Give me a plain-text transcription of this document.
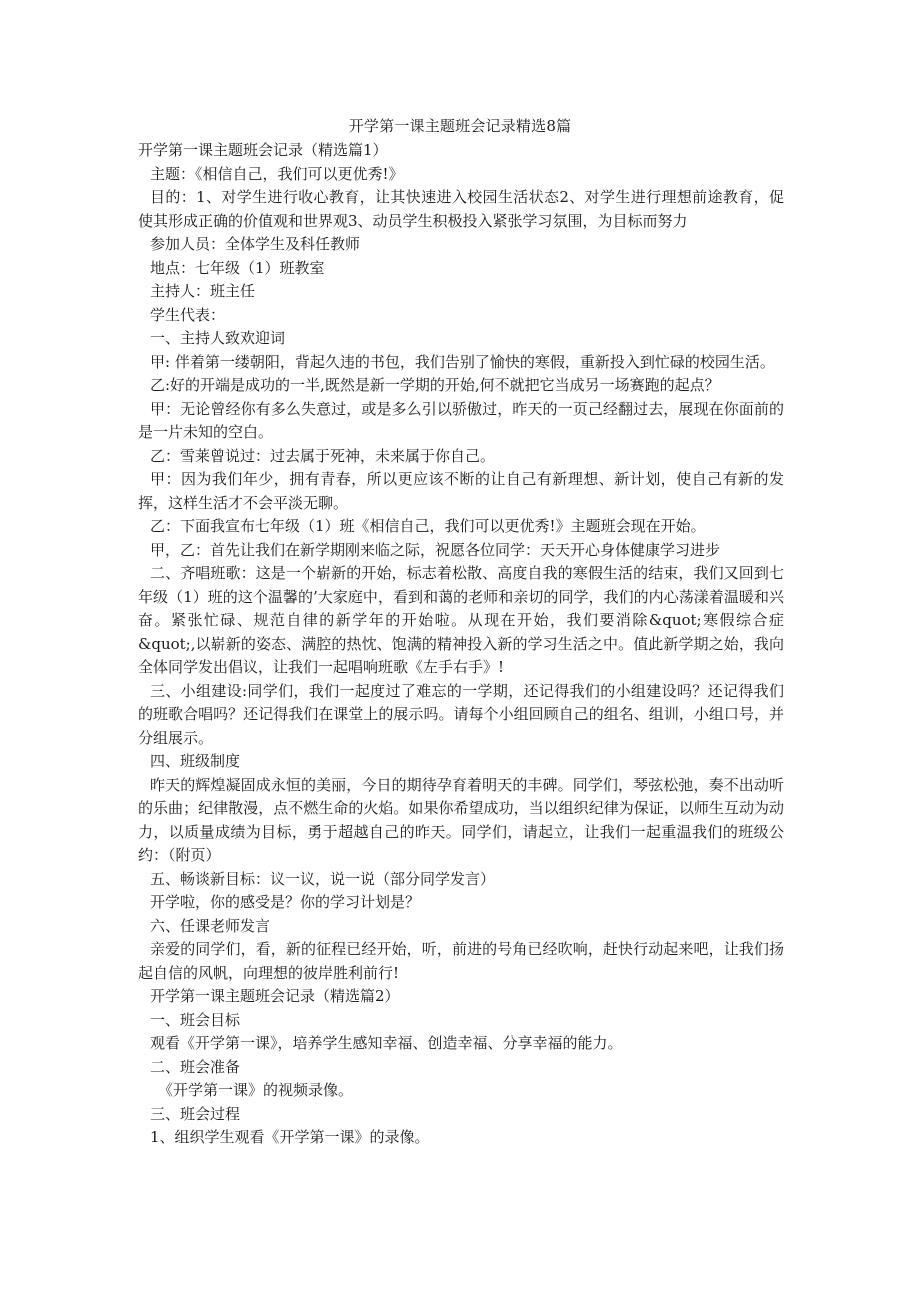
开学第一课主题班会记录精选8篇

开学第一课主题班会记录（精选篇1）

主题：《相信自己，我们可以更优秀!》

目的：1、对学生进行收心教育，让其快速进入校园生活状态2、对学生进行理想前途教育，促使其形成正确的价值观和世界观3、动员学生积极投入紧张学习氛围，为目标而努力

参加人员：全体学生及科任教师

地点：七年级（1）班教室

主持人：班主任

学生代表：

一、主持人致欢迎词

甲: 伴着第一缕朝阳，背起久违的书包，我们告别了愉快的寒假，重新投入到忙碌的校园生活。

乙:好的开端是成功的一半,既然是新一学期的开始,何不就把它当成另一场赛跑的起点？

甲：无论曾经你有多么失意过，或是多么引以骄傲过，昨天的一页己经翻过去，展现在你面前的是一片未知的空白。

乙：雪莱曾说过：过去属于死神，未来属于你自己。

甲：因为我们年少，拥有青春，所以更应该不断的让自己有新理想、新计划，使自己有新的发挥，这样生活才不会平淡无聊。

乙：下面我宣布七年级（1）班《相信自己，我们可以更优秀!》主题班会现在开始。

甲，乙：首先让我们在新学期刚来临之际，祝愿各位同学：天天开心身体健康学习进步

二、齐唱班歌：这是一个崭新的开始，标志着松散、高度自我的寒假生活的结束，我们又回到七年级（1）班的这个温馨的’大家庭中，看到和蔼的老师和亲切的同学，我们的内心荡漾着温暖和兴奋。紧张忙碌、规范自律的新学年的开始啦。从现在开始，我们要消除&quot;寒假综合症&quot;,以崭新的姿态、满腔的热忱、饱满的精神投入新的学习生活之中。值此新学期之始，我向全体同学发出倡议，让我们一起唱响班歌《左手右手》!

三、小组建设:同学们，我们一起度过了难忘的一学期，还记得我们的小组建设吗？还记得我们的班歌合唱吗？还记得我们在课堂上的展示吗。请每个小组回顾自己的组名、组训，小组口号，并分组展示。

四、班级制度

昨天的辉煌凝固成永恒的美丽，今日的期待孕育着明天的丰碑。同学们，琴弦松弛，奏不出动听的乐曲；纪律散漫，点不燃生命的火焰。如果你希望成功，当以组织纪律为保证，以师生互动为动力，以质量成绩为目标，勇于超越自己的昨天。同学们，请起立，让我们一起重温我们的班级公约：（附页）

五、畅谈新目标：议一议，说一说（部分同学发言）

开学啦，你的感受是？你的学习计划是？

六、任课老师发言

亲爱的同学们，看，新的征程已经开始，听，前进的号角已经吹响，赶快行动起来吧，让我们扬起自信的风帆，向理想的彼岸胜利前行!

开学第一课主题班会记录（精选篇2）

一、班会目标

观看《开学第一课》，培养学生感知幸福、创造幸福、分享幸福的能力。

二、班会准备

《开学第一课》的视频录像。

三、班会过程

1、组织学生观看《开学第一课》的录像。
